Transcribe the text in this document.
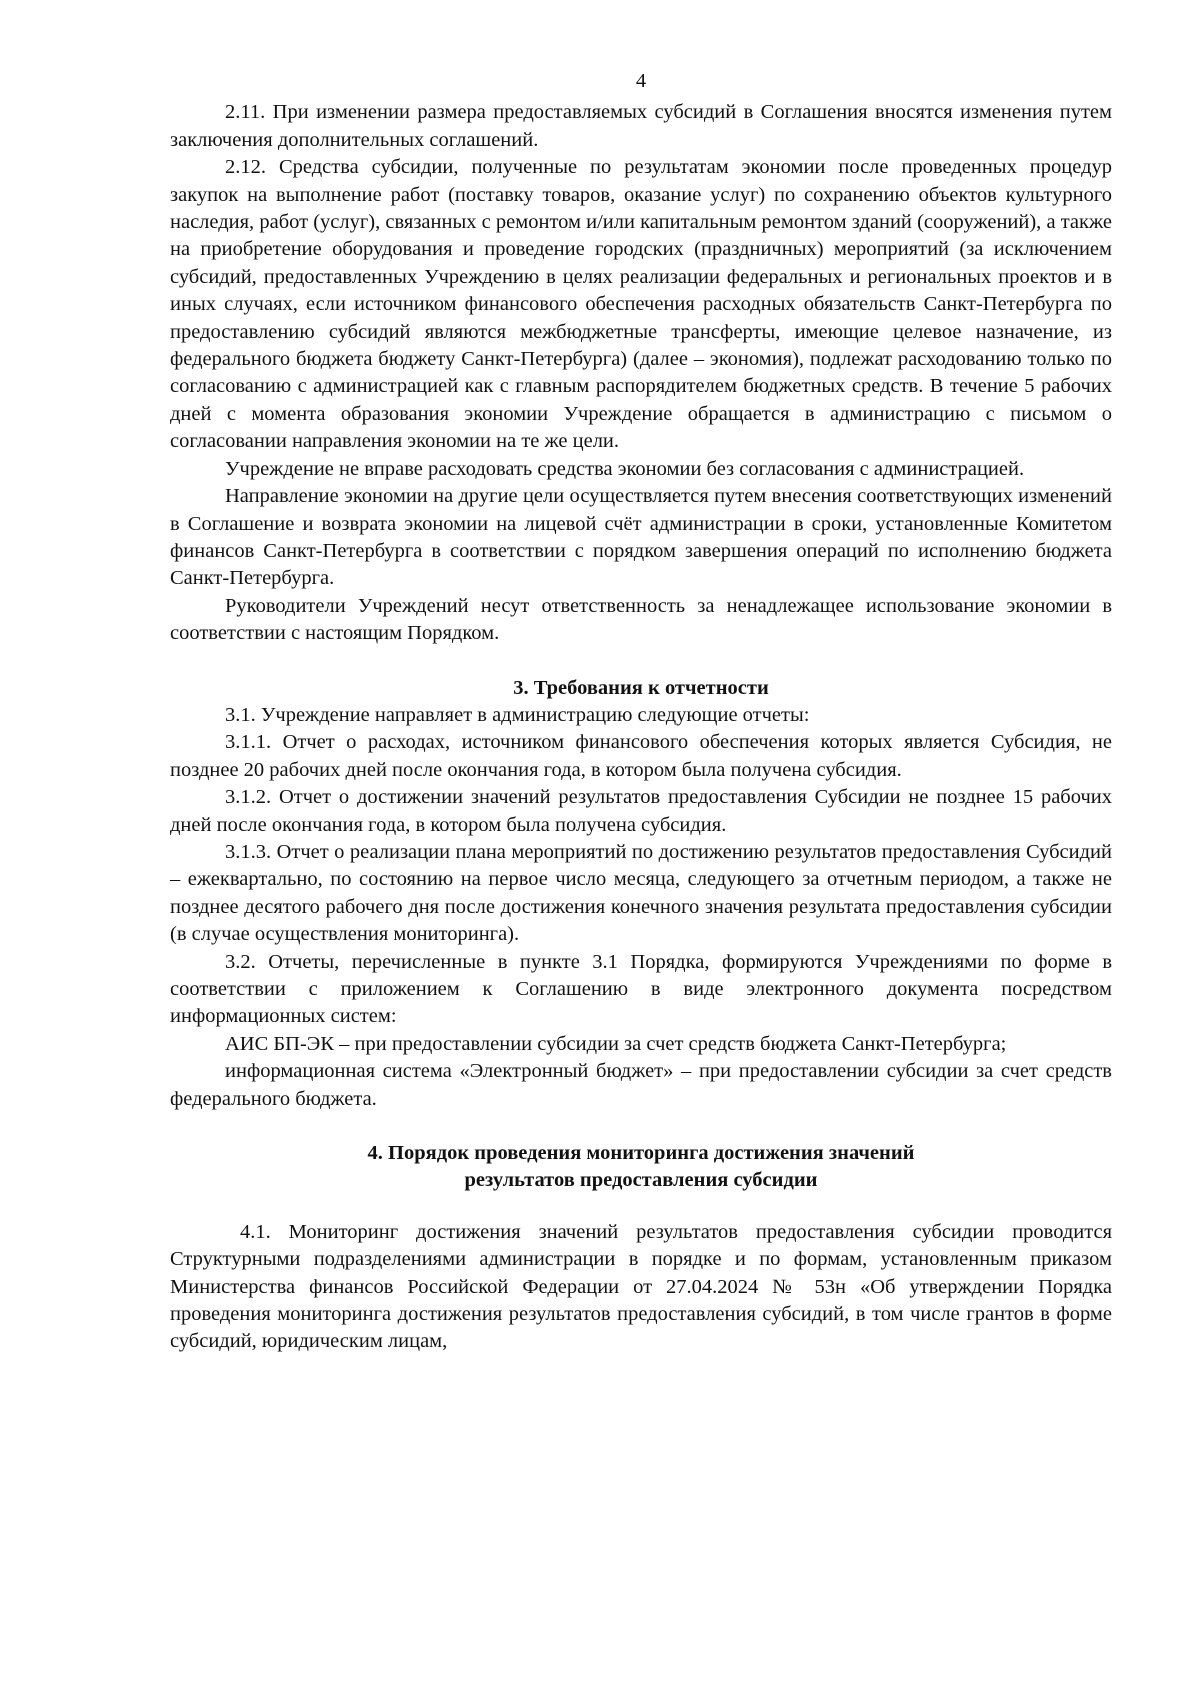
4

2.11. При изменении размера предоставляемых субсидий в Соглашения вносятся изменения путем заключения дополнительных соглашений.

2.12. Средства субсидии, полученные по результатам экономии после проведенных процедур закупок на выполнение работ (поставку товаров, оказание услуг) по сохранению объектов культурного наследия, работ (услуг), связанных с ремонтом и/или капитальным ремонтом зданий (сооружений), а также на приобретение оборудования и проведение городских (праздничных) мероприятий (за исключением субсидий, предоставленных Учреждению в целях реализации федеральных и региональных проектов и в иных случаях, если источником финансового обеспечения расходных обязательств Санкт-Петербурга по предоставлению субсидий являются межбюджетные трансферты, имеющие целевое назначение, из федерального бюджета бюджету Санкт-Петербурга) (далее – экономия), подлежат расходованию только по согласованию с администрацией как с главным распорядителем бюджетных средств. В течение 5 рабочих дней с момента образования экономии Учреждение обращается в администрацию с письмом о согласовании направления экономии на те же цели.

Учреждение не вправе расходовать средства экономии без согласования с администрацией.

Направление экономии на другие цели осуществляется путем внесения соответствующих изменений в Соглашение и возврата экономии на лицевой счёт администрации в сроки, установленные Комитетом финансов Санкт-Петербурга в соответствии с порядком завершения операций по исполнению бюджета Санкт-Петербурга.

Руководители Учреждений несут ответственность за ненадлежащее использование экономии в соответствии с настоящим Порядком.

3. Требования к отчетности

3.1. Учреждение направляет в администрацию следующие отчеты:

3.1.1. Отчет о расходах, источником финансового обеспечения которых является Субсидия, не позднее 20 рабочих дней после окончания года, в котором была получена субсидия.

3.1.2. Отчет о достижении значений результатов предоставления Субсидии не позднее 15 рабочих дней после окончания года, в котором была получена субсидия.

3.1.3. Отчет о реализации плана мероприятий по достижению результатов предоставления Субсидий – ежеквартально, по состоянию на первое число месяца, следующего за отчетным периодом, а также не позднее десятого рабочего дня после достижения конечного значения результата предоставления субсидии (в случае осуществления мониторинга).

3.2. Отчеты, перечисленные в пункте 3.1 Порядка, формируются Учреждениями по форме в соответствии с приложением к Соглашению в виде электронного документа посредством информационных систем:

АИС БП-ЭК – при предоставлении субсидии за счет средств бюджета Санкт-Петербурга;

информационная система «Электронный бюджет» – при предоставлении субсидии за счет средств федерального бюджета.

4. Порядок проведения мониторинга достижения значений
результатов предоставления субсидии

4.1. Мониторинг достижения значений результатов предоставления субсидии проводится Структурными подразделениями администрации в порядке и по формам, установленным приказом Министерства финансов Российской Федерации от 27.04.2024 № 53н «Об утверждении Порядка проведения мониторинга достижения результатов предоставления субсидий, в том числе грантов в форме субсидий, юридическим лицам,
